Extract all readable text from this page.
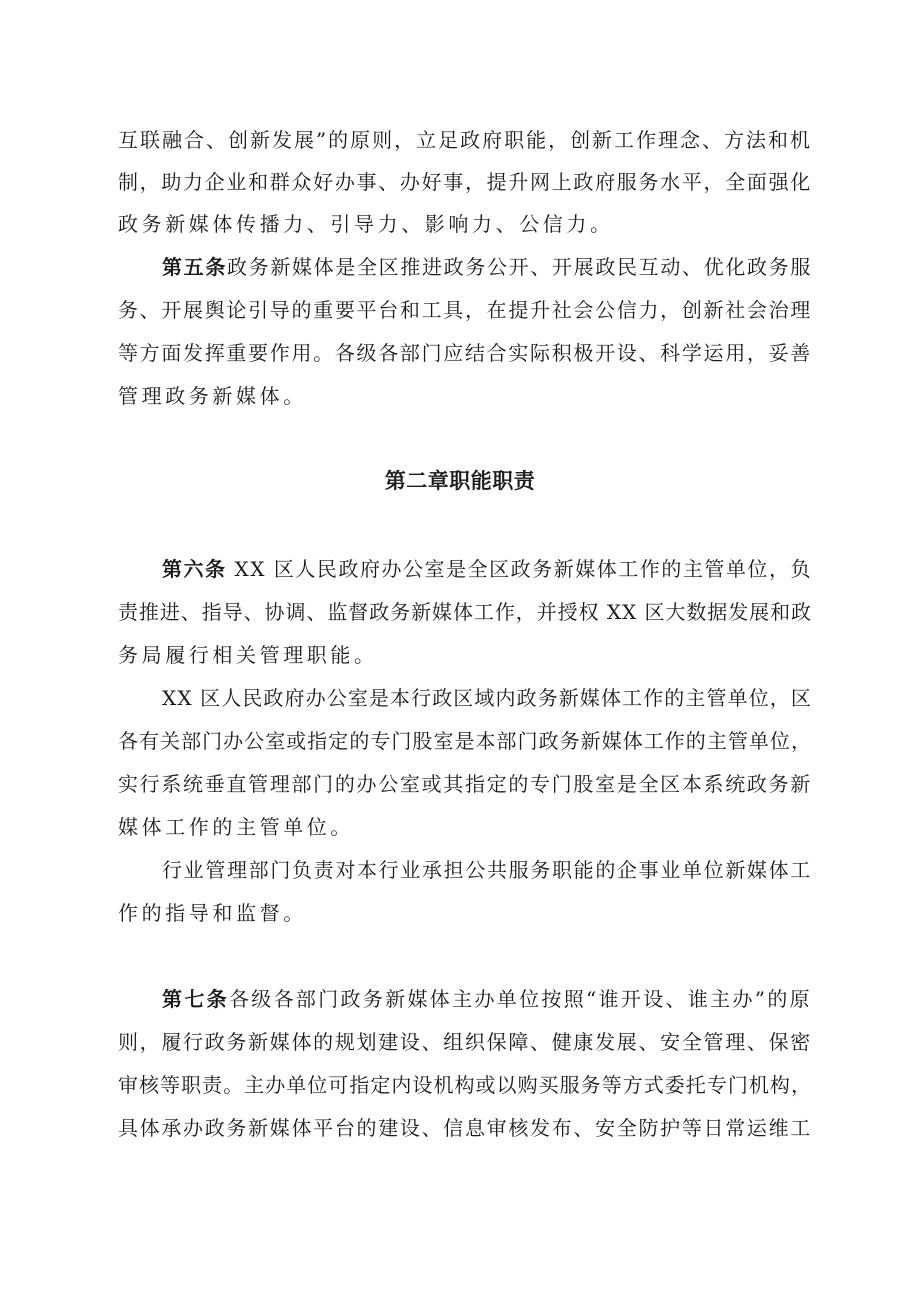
互联融合、创新发展”的原则，立足政府职能，创新工作理念、方法和机
制，助力企业和群众好办事、办好事，提升网上政府服务水平，全面强化
政务新媒体传播力、引导力、影响力、公信力。
第五条政务新媒体是全区推进政务公开、开展政民互动、优化政务服
务、开展舆论引导的重要平台和工具，在提升社会公信力，创新社会治理
等方面发挥重要作用。各级各部门应结合实际积极开设、科学运用，妥善
管理政务新媒体。
第二章职能职责
第六条 XX 区人民政府办公室是全区政务新媒体工作的主管单位，负
责推进、指导、协调、监督政务新媒体工作，并授权 XX 区大数据发展和政
务局履行相关管理职能。
XX 区人民政府办公室是本行政区域内政务新媒体工作的主管单位，区
各有关部门办公室或指定的专门股室是本部门政务新媒体工作的主管单位，
实行系统垂直管理部门的办公室或其指定的专门股室是全区本系统政务新
媒体工作的主管单位。
行业管理部门负责对本行业承担公共服务职能的企事业单位新媒体工
作的指导和监督。
第七条各级各部门政务新媒体主办单位按照“谁开设、谁主办”的原
则，履行政务新媒体的规划建设、组织保障、健康发展、安全管理、保密
审核等职责。主办单位可指定内设机构或以购买服务等方式委托专门机构，
具体承办政务新媒体平台的建设、信息审核发布、安全防护等日常运维工
